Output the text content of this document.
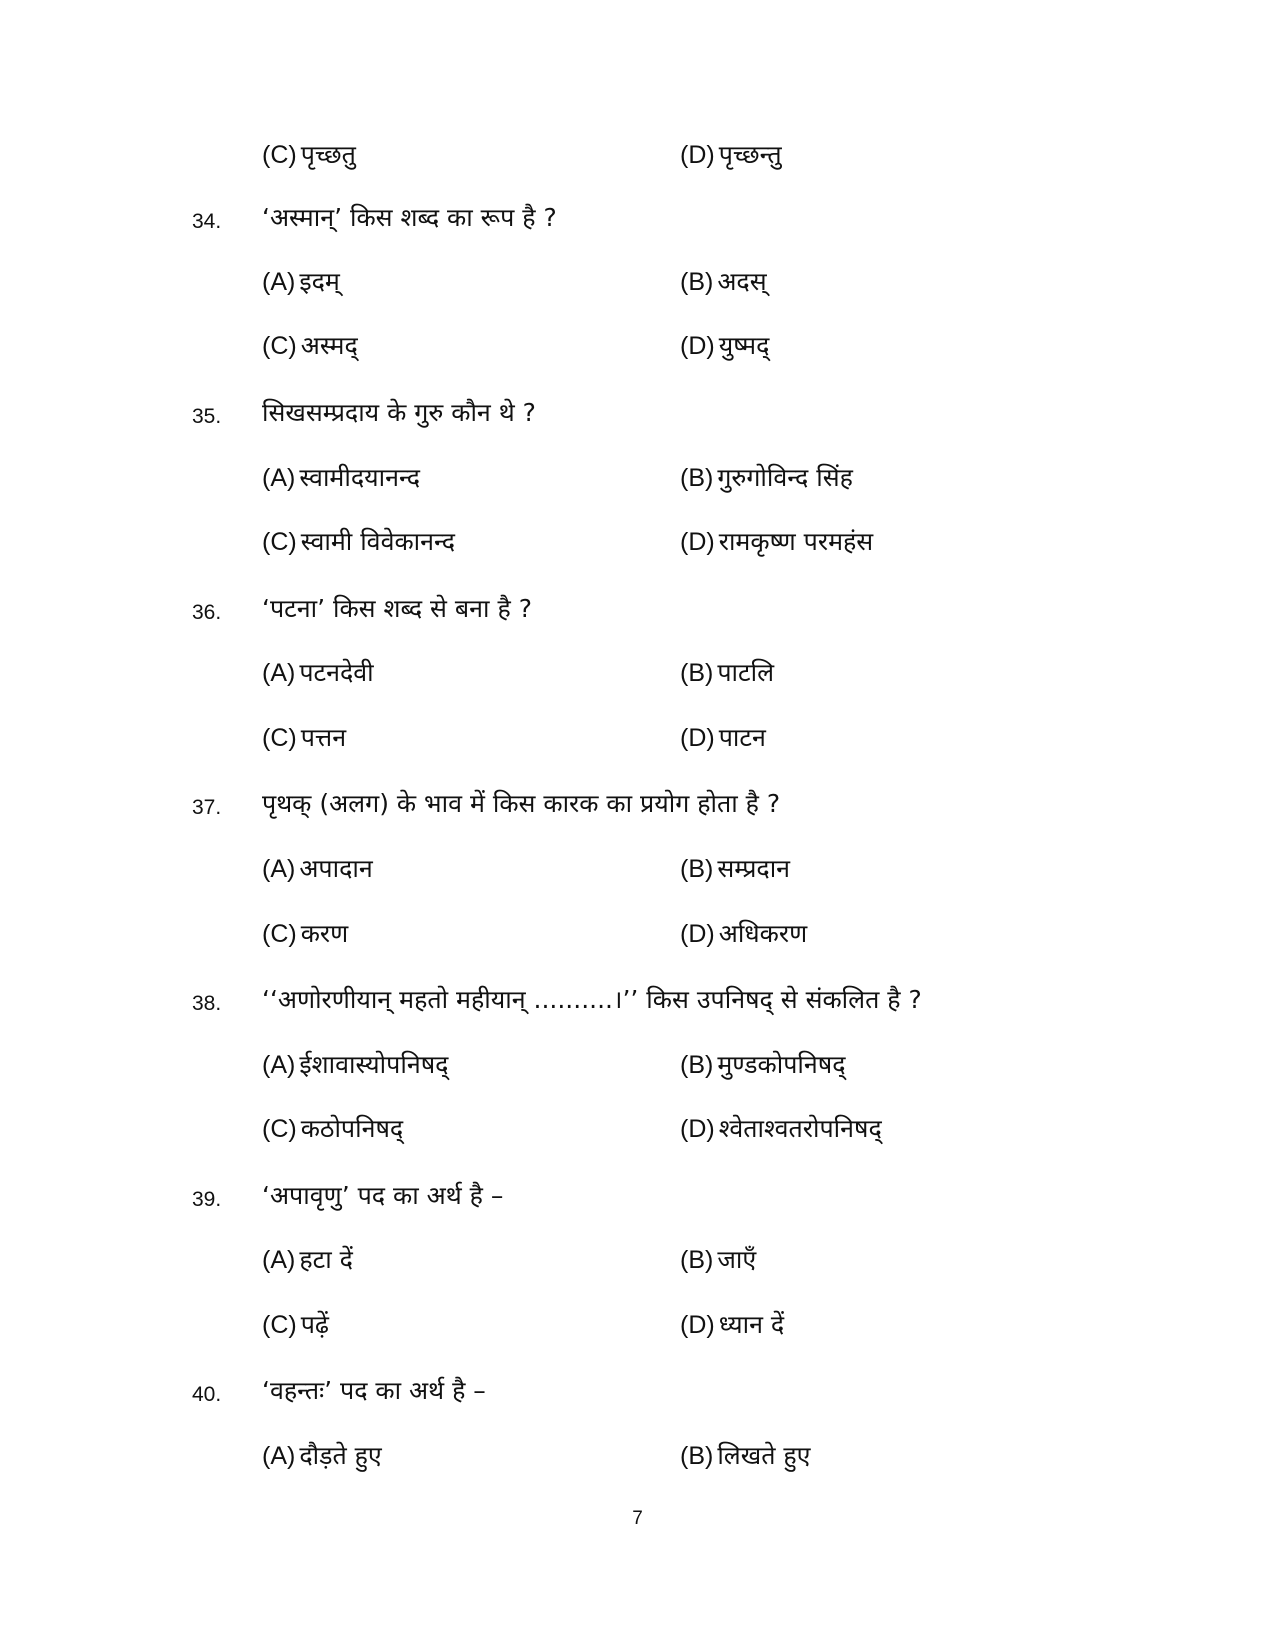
(C) पृच्छतु	(D) पृच्छन्तु
34. ‘अस्मान्’ किस शब्द का रूप है ?
(A) इदम्	(B) अदस्
(C) अस्मद्	(D) युष्मद्
35. सिखसम्प्रदाय के गुरु कौन थे ?
(A) स्वामीदयानन्द	(B) गुरुगोविन्द सिंह
(C) स्वामी विवेकानन्द	(D) रामकृष्ण परमहंस
36. ‘पटना’ किस शब्द से बना है ?
(A) पटनदेवी	(B) पाटलि
(C) पत्तन	(D) पाटन
37. पृथक् (अलग) के भाव में किस कारक का प्रयोग होता है ?
(A) अपादान	(B) सम्प्रदान
(C) करण	(D) अधिकरण
38. ‘‘अणोरणीयान् महतो महीयान् ..........।’’ किस उपनिषद् से संकलित है ?
(A) ईशावास्योपनिषद्	(B) मुण्डकोपनिषद्
(C) कठोपनिषद्	(D) श्वेताश्वतरोपनिषद्
39. ‘अपावृणु’ पद का अर्थ है –
(A) हटा दें	(B) जाएँ
(C) पढ़ें	(D) ध्यान दें
40. ‘वहन्तः’ पद का अर्थ है –
(A) दौड़ते हुए	(B) लिखते हुए
7
